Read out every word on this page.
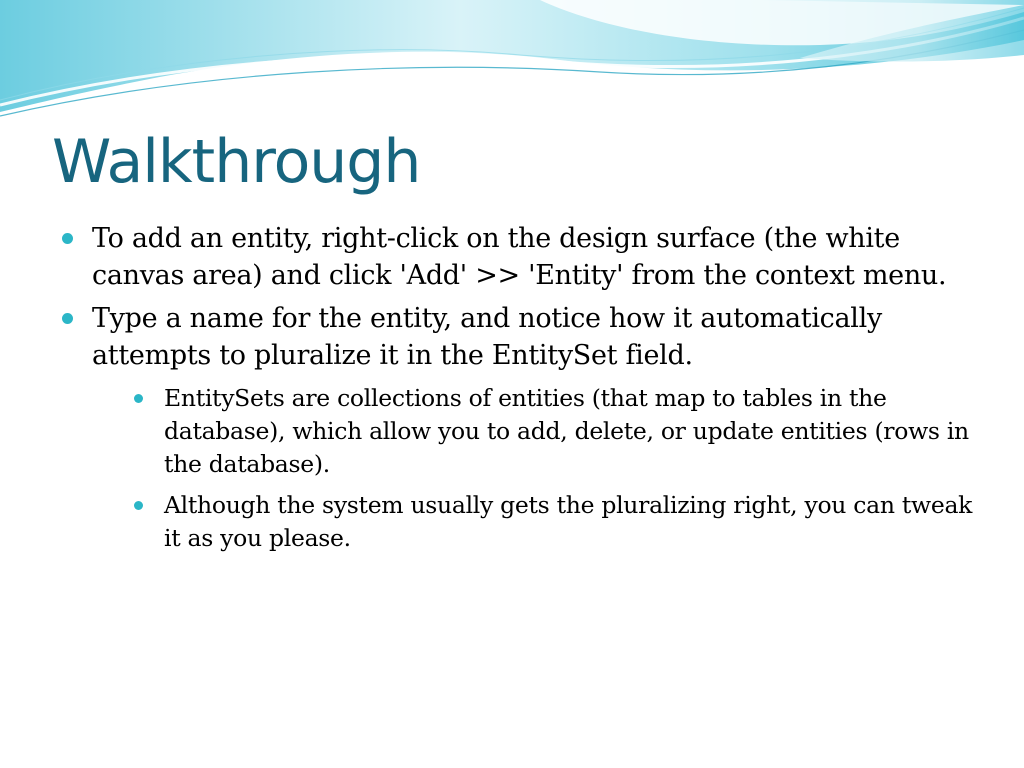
Walkthrough
To add an entity, right-click on the design surface (the white canvas area) and click 'Add' >> 'Entity' from the context menu.
Type a name for the entity, and notice how it automatically attempts to pluralize it in the EntitySet field.
EntitySets are collections of entities (that map to tables in the database), which allow you to add, delete, or update entities (rows in the database).
Although the system usually gets the pluralizing right, you can tweak it as you please.
